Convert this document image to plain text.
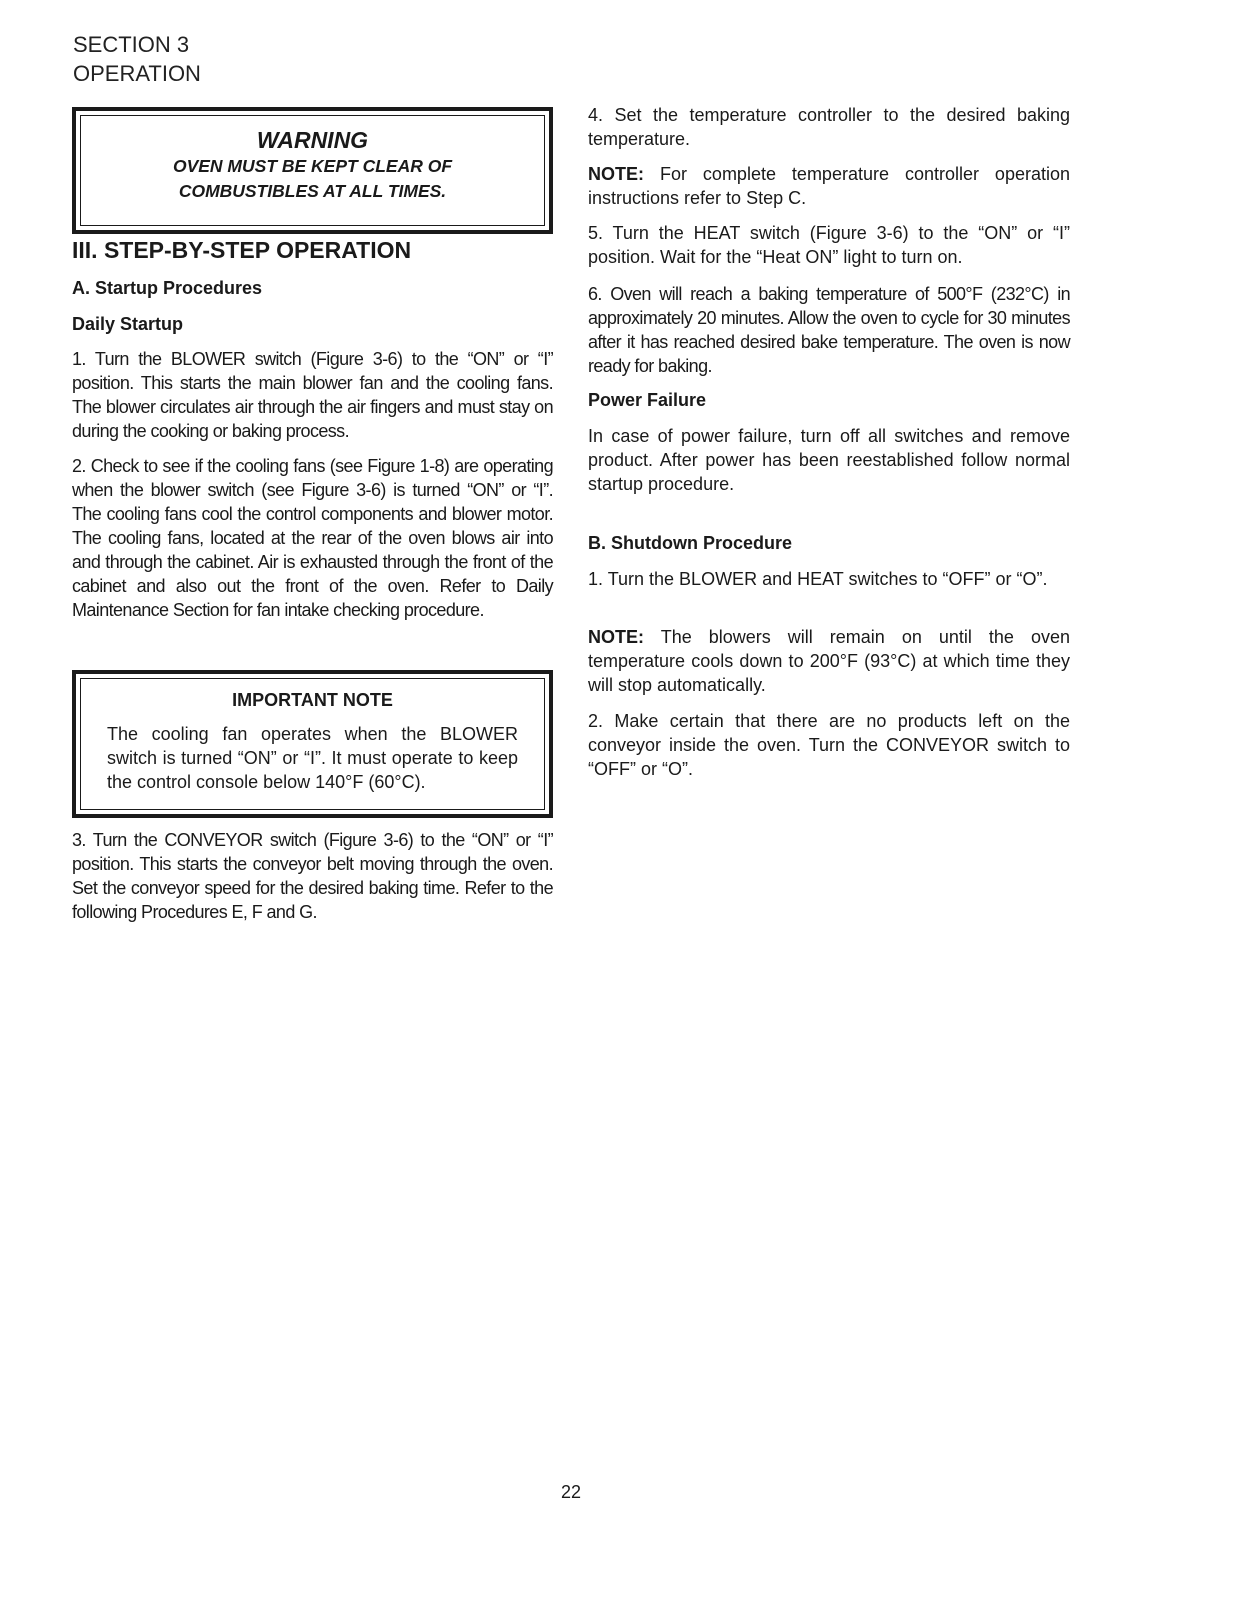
SECTION 3
OPERATION
WARNING
OVEN MUST BE KEPT CLEAR OF
COMBUSTIBLES AT ALL TIMES.
III. STEP-BY-STEP OPERATION
A. Startup Procedures
Daily Startup

1. Turn the BLOWER switch (Figure 3-6) to the “ON” or “I” position. This starts the main blower fan and the cooling fans. The blower circulates air through the air fingers and must stay on during the cooking or baking process.

2. Check to see if the cooling fans (see Figure 1-8) are operating when the blower switch (see Figure 3-6) is turned “ON” or “I”. The cooling fans cool the control components and blower motor. The cooling fans, located at the rear of the oven blows air into and through the cabinet. Air is exhausted through the front of the cabinet and also out the front of the oven. Refer to Daily Maintenance Section for fan intake checking procedure.

IMPORTANT NOTE

The cooling fan operates when the BLOWER switch is turned “ON” or “I”. It must operate to keep the control console below 140°F (60°C).

3. Turn the CONVEYOR switch (Figure 3-6) to the “ON” or “I” position. This starts the conveyor belt moving through the oven. Set the conveyor speed for the desired baking time. Refer to the following Procedures E, F and G.

4. Set the temperature controller to the desired baking temperature.

NOTE: For complete temperature controller operation instructions refer to Step C.

5. Turn the HEAT switch (Figure 3-6) to the “ON” or “I” position. Wait for the “Heat ON” light to turn on.

6. Oven will reach a baking temperature of 500°F (232°C) in approximately 20 minutes. Allow the oven to cycle for 30 minutes after it has reached desired bake temperature. The oven is now ready for baking.

Power Failure

In case of power failure, turn off all switches and remove product. After power has been reestablished follow normal startup procedure.

B. Shutdown Procedure

1. Turn the BLOWER and HEAT switches to “OFF” or “O”.

NOTE: The blowers will remain on until the oven temperature cools down to 200°F (93°C) at which time they will stop automatically.

2. Make certain that there are no products left on the conveyor inside the oven. Turn the CONVEYOR switch to “OFF” or “O”.

22
